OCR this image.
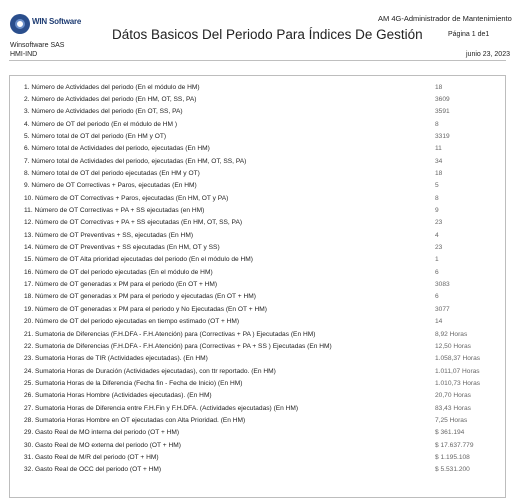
WIN Software
Dátos Basicos Del Periodo Para Índices De Gestión
AM 4G-Administrador de Mantenimiento
Página 1 de1
Winsoftware SAS
HMI-IND	junio 23, 2023
1. Número de Actividades del periodo (En el módulo de HM)	18
2. Número de Actividades del periodo (En HM, OT, SS, PA)	3609
3. Número de Actividades del periodo (En OT, SS, PA)	3591
4. Número de OT del periodo (En el módulo de HM )	8
5. Número total de OT del periodo (En HM y OT)	3319
6. Número total de Actividades del periodo, ejecutadas (En HM)	11
7. Número total de Actividades del periodo, ejecutadas (En HM, OT, SS, PA)	34
8. Número total de OT del periodo ejecutadas (En HM y OT)	18
9. Número de OT Correctivas + Paros, ejecutadas (En HM)	5
10. Número de OT Correctivas + Paros, ejecutadas (En HM, OT y PA)	8
11. Número de OT Correctivas + PA + SS ejecutadas (en HM)	9
12. Número de OT Correctivas + PA + SS ejecutadas (En HM, OT, SS, PA)	23
13. Número de OT Preventivas + SS, ejecutadas (En HM)	4
14. Número de OT Preventivas + SS ejecutadas (En HM, OT y SS)	23
15. Número de OT Alta prioridad ejecutadas del periodo (En el módulo de HM)	1
16. Número de OT del periodo ejecutadas (En el módulo de HM)	6
17. Número de OT generadas x PM para el periodo (En OT + HM)	3083
18. Número de OT generadas x PM para el periodo y ejecutadas (En OT + HM)	6
19. Número de OT generadas x PM para el periodo y No Ejecutadas (En OT + HM)	3077
20. Número de OT del periodo ejecutadas en tiempo estimado (OT + HM)	14
21. Sumatoria de Diferencias (F.H.DFA - F.H.Atención) para (Correctivas + PA ) Ejecutadas (En HM)	8,92 Horas
22. Sumatoria de Diferencias (F.H.DFA - F.H.Atención) para (Correctivas + PA + SS ) Ejecutadas (En HM)	12,50 Horas
23. Sumatoria Horas de TIR (Actividades ejecutadas). (En HM)	1.058,37 Horas
24. Sumatoria Horas de Duración (Actividades ejecutadas), con ttr reportado. (En HM)	1.011,07 Horas
25. Sumatoria Horas de la Diferencia (Fecha fin - Fecha de Inicio) (En HM)	1.010,73 Horas
26. Sumatoria Horas Hombre (Actividades ejecutadas). (En HM)	20,70 Horas
27. Sumatoria Horas de Diferencia entre F.H.Fin y F.H.DFA. (Actividades ejecutadas) (En HM)	83,43 Horas
28. Sumatoria Horas Hombre en OT ejecutadas con Alta Prioridad. (En HM)	7,25 Horas
29. Gasto Real de MO interna del periodo (OT + HM)	$ 361.194
30. Gasto Real de MO externa del periodo (OT + HM)	$ 17.637.779
31. Gasto Real de M/R del periodo (OT + HM)	$ 1.195.108
32. Gasto Real de OCC del periodo (OT + HM)	$ 5.531.200
